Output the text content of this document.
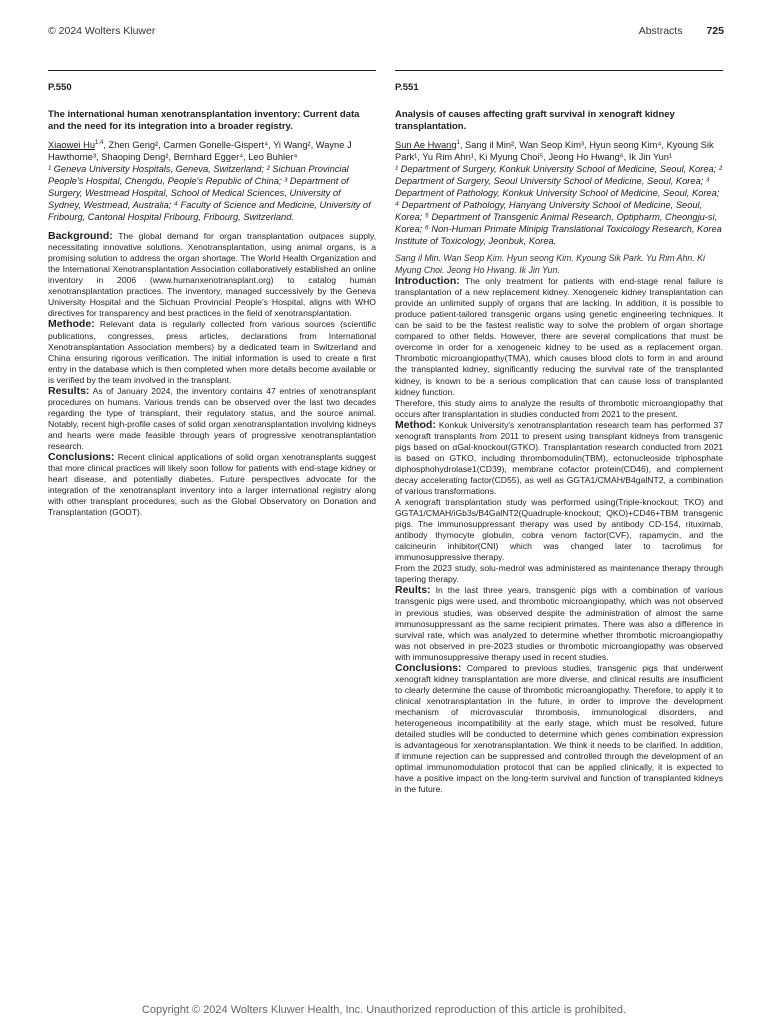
© 2024 Wolters Kluwer	Abstracts 725

P.550

The international human xenotransplantation inventory: Current data and the need for its integration into a broader registry.

Xiaowei Hu$^{1,4}$, Zhen Geng², Carmen Gonelle-Gispert⁴, Yi Wang², Wayne J Hawthorne³, Shaoping Deng², Bernhard Egger⁴, Leo Buhler⁴

¹ Geneva University Hospitals, Geneva, Switzerland; ² Sichuan Provincial People's Hospital, Chengdu, People's Republic of China; ³ Department of Surgery, Westmead Hospital, School of Medical Sciences, University of Sydney, Westmead, Australia; ⁴ Faculty of Science and Medicine, University of Fribourg, Cantonal Hospital Fribourg, Fribourg, Switzerland.

Background: The global demand for organ transplantation outpaces supply, necessitating innovative solutions. Xenotransplantation, using animal organs, is a promising solution to address the organ shortage. The World Health Organization and the International Xenotransplantation Association collaboratively established an online inventory in 2006 (www.humanxenotransplant.org) to catalog human xenotransplantation practices. The inventory, managed successively by the Geneva University Hospital and the Sichuan Provincial People's Hospital, aligns with WHO directives for transparency and best practices in the field of xenotransplantation.

Methode: Relevant data is regularly collected from various sources (scientific publications, congresses, press articles, declarations from International Xenotransplantation Association members) by a dedicated team in Switzerland and China ensuring rigorous verification. The initial information is used to create a first entry in the database which is then completed when more details become available or is verified by the team involved in the transplant.

Results: As of January 2024, the inventory contains 47 entries of xenotransplant procedures on humans. Various trends can be observed over the last two decades regarding the type of transplant, their regulatory status, and the source animal. Notably, recent high-profile cases of solid organ xenotransplantation involving kidneys and hearts were made feasible through years of progressive xenotransplantation research.

Conclusions: Recent clinical applications of solid organ xenotransplants suggest that more clinical practices will likely soon follow for patients with end-stage kidney or heart disease, and potentially diabetes. Future perspectives advocate for the integration of the xenotransplant inventory into a larger international registry along with other transplant procedures, such as the Global Observatory on Donation and Transplantation (GODT).

P.551

Analysis of causes affecting graft survival in xenograft kidney transplantation.

Sun Ae Hwang$^1$, Sang il Min², Wan Seop Kim³, Hyun seong Kim⁴, Kyoung Sik Park¹, Yu Rim Ahn¹, Ki Myung Choi⁵, Jeong Ho Hwang⁶, Ik Jin Yun¹

¹ Department of Surgery, Konkuk University School of Medicine, Seoul, Korea; ² Department of Surgery, Seoul University School of Medicine, Seoul, Korea; ³ Department of Pathology, Konkuk University School of Medicine, Seoul, Korea; ⁴ Department of Pathology, Hanyang University School of Medicine, Seoul, Korea; ⁵ Department of Transgenic Animal Research, Optipharm, Cheongju-si, Korea; ⁶ Non-Human Primate Minipig Translational Toxicology Research, Korea Institute of Toxicology, Jeonbuk, Korea.

Sang il Min. Wan Seop Kim. Hyun seong Kim. Kyoung Sik Park. Yu Rim Ahn. Ki Myung Choi. Jeong Ho Hwang. Ik Jin Yun.

Introduction: The only treatment for patients with end-stage renal failure is transplantation of a new replacement kidney. Xenogeneic kidney transplantation can provide an unlimited supply of organs that are lacking. In addition, it is possible to produce patient-tailored transgenic organs using genetic engineering techniques. It can be said to be the fastest realistic way to solve the problem of organ shortage compared to other fields. However, there are several complications that must be overcome in order for a xenogeneic kidney to be used as a replacement organ. Thrombotic microangiopathy(TMA), which causes blood clots to form in and around the transplanted kidney, significantly reducing the survival rate of the transplanted kidney, is known to be a serious complication that can cause loss of transplanted kidney function.

Therefore, this study aims to analyze the results of thrombotic microangiopathy that occurs after transplantation in studies conducted from 2021 to the present.

Method: Konkuk University's xenotransplantation research team has performed 37 xenograft transplants from 2011 to present using transplant kidneys from transgenic pigs based on αGal-knockout(GTKO). Transplantation research conducted from 2021 is based on GTKO, including thrombomodulin(TBM), ectonucleoside triphosphate diphosphohydrolase1(CD39), membrane cofactor protein(CD46), and complement decay accelerating factor(CD55), as well as GGTA1/CMAH/B4galNT2, a combination of various transformations.

A xenograft transplantation study was performed using(Triple-knockout; TKO) and GGTA1/CMAH/iGb3s/B4GalNT2(Quadruple-knockout; QKO)+CD46+TBM transgenic pigs. The immunosuppressant therapy was used by antibody CD-154, rituximab, antibody thymocyte globulin, cobra venom factor(CVF), rapamycin, and the calcineurin inhibitor(CNI) which was changed later to tacrolimus for immunosuppressive therapy.

From the 2023 study, solu-medrol was administered as maintenance therapy through tapering therapy.

Reults: In the last three years, transgenic pigs with a combination of various transgenic pigs were used, and thrombotic microangiopathy, which was not observed in previous studies, was observed despite the administration of almost the same immunosuppressant as the same recipient primates. There was also a difference in survival rate, which was analyzed to determine whether thrombotic microangiopathy was not observed in pre-2023 studies or thrombotic microangiopathy was observed with immunosuppressive therapy used in recent studies.

Conclusions: Compared to previous studies, transgenic pigs that underwent xenograft kidney transplantation are more diverse, and clinical results are insufficient to clearly determine the cause of thrombotic microangiopathy. Therefore, to apply it to clinical xenotransplantation in the future, in order to improve the development mechanism of microvascular thrombosis, immunological disorders, and heterogeneous incompatibility at the early stage, which must be resolved, future detailed studies will be conducted to determine which genes combination expression is advantageous for xenotransplantation. We think it needs to be clarified. In addition, if immune rejection can be suppressed and controlled through the development of an optimal immunomodulation protocol that can be applied clinically, it is expected to have a positive impact on the long-term survival and function of transplanted kidneys in the future.

Copyright © 2024 Wolters Kluwer Health, Inc. Unauthorized reproduction of this article is prohibited.
